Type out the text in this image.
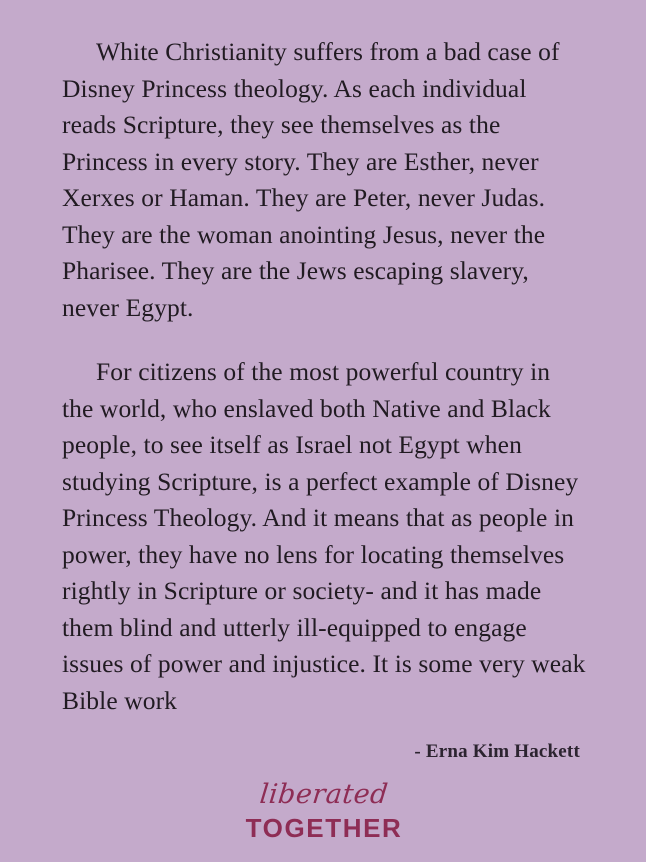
White Christianity suffers from a bad case of Disney Princess theology. As each individual reads Scripture, they see themselves as the Princess in every story. They are Esther, never Xerxes or Haman. They are Peter, never Judas. They are the woman anointing Jesus, never the Pharisee. They are the Jews escaping slavery, never Egypt.

For citizens of the most powerful country in the world, who enslaved both Native and Black people, to see itself as Israel not Egypt when studying Scripture, is a perfect example of Disney Princess Theology. And it means that as people in power, they have no lens for locating themselves rightly in Scripture or society- and it has made them blind and utterly ill-equipped to engage issues of power and injustice. It is some very weak Bible work

- Erna Kim Hackett
liberated
TOGETHER
